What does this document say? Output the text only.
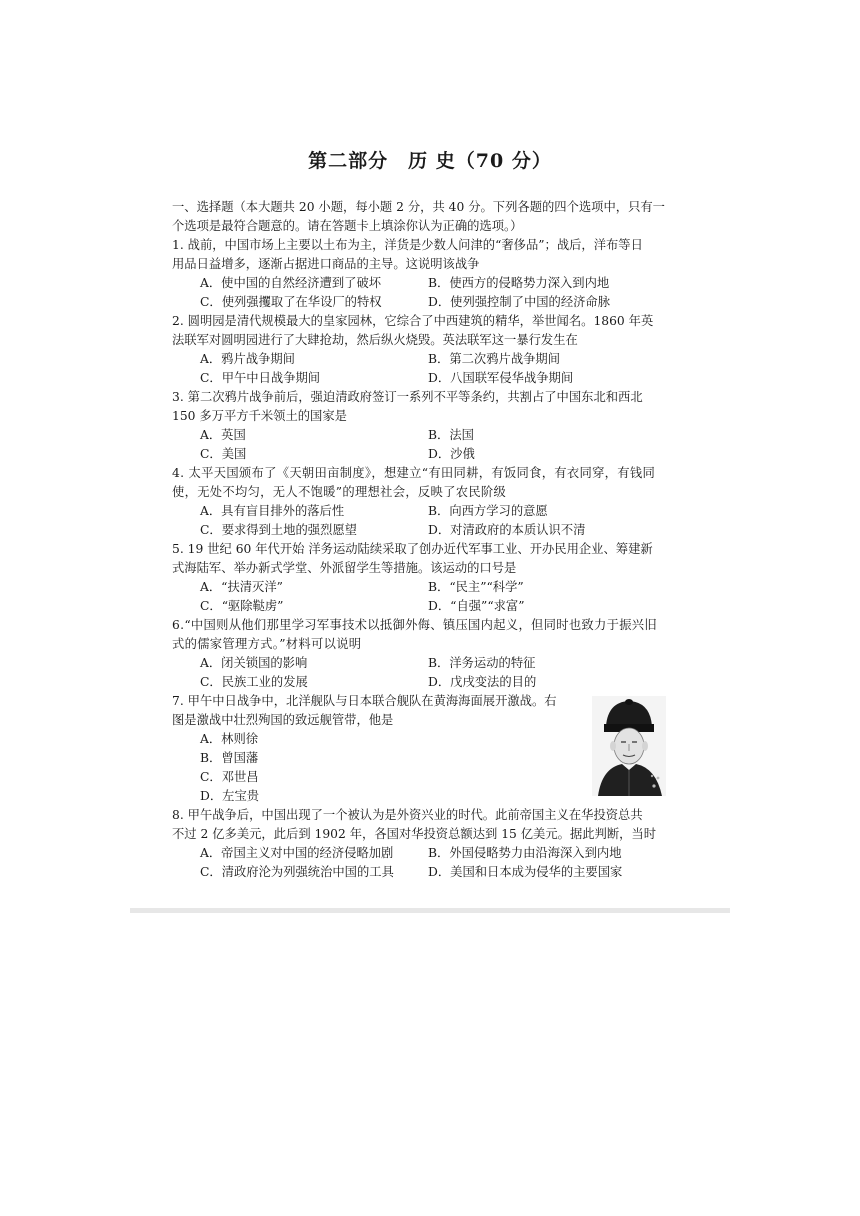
第二部分　历 史（70 分）

一、选择题（本大题共 20 小题，每小题 2 分，共 40 分。下列各题的四个选项中，只有一

个选项是最符合题意的。请在答题卡上填涂你认为正确的选项。）

1. 战前，中国市场上主要以土布为主，洋货是少数人问津的“奢侈品”；战后，洋布等日

用品日益增多，逐渐占据进口商品的主导。这说明该战争

A．使中国的自然经济遭到了破坏	B．使西方的侵略势力深入到内地
C．使列强攫取了在华设厂的特权	D．使列强控制了中国的经济命脉

2. 圆明园是清代规模最大的皇家园林，它综合了中西建筑的精华，举世闻名。1860 年英

法联军对圆明园进行了大肆抢劫，然后纵火烧毁。英法联军这一暴行发生在

A．鸦片战争期间	B．第二次鸦片战争期间
C．甲午中日战争期间	D．八国联军侵华战争期间

3. 第二次鸦片战争前后，强迫清政府签订一系列不平等条约，共割占了中国东北和西北

150 多万平方千米领土的国家是

A．英国	B．法国
C．美国	D．沙俄

4. 太平天国颁布了《天朝田亩制度》，想建立“有田同耕，有饭同食，有衣同穿，有钱同

使，无处不均匀，无人不饱暖”的理想社会，反映了农民阶级

A．具有盲目排外的落后性	B．向西方学习的意愿
C．要求得到土地的强烈愿望	D．对清政府的本质认识不清

5. 19 世纪 60 年代开始 洋务运动陆续采取了创办近代军事工业、开办民用企业、筹建新

式海陆军、举办新式学堂、外派留学生等措施。该运动的口号是

A．“扶清灭洋”	B．“民主”“科学”
C．“驱除鞑虏”	D．“自强”“求富”

6.“中国则从他们那里学习军事技术以抵御外侮、镇压国内起义，但同时也致力于振兴旧

式的儒家管理方式。”材料可以说明

A．闭关锁国的影响	B．洋务运动的特征
C．民族工业的发展	D．戊戌变法的目的

7. 甲午中日战争中，北洋舰队与日本联合舰队在黄海海面展开激战。右

图是激战中壮烈殉国的致远舰管带，他是

A．林则徐
B．曾国藩
C．邓世昌
D．左宝贵

8. 甲午战争后，中国出现了一个被认为是外资兴业的时代。此前帝国主义在华投资总共

不过 2 亿多美元，此后到 1902 年，各国对华投资总额达到 15 亿美元。据此判断，当时

A．帝国主义对中国的经济侵略加剧	B．外国侵略势力由沿海深入到内地
C．清政府沦为列强统治中国的工具	D．美国和日本成为侵华的主要国家
